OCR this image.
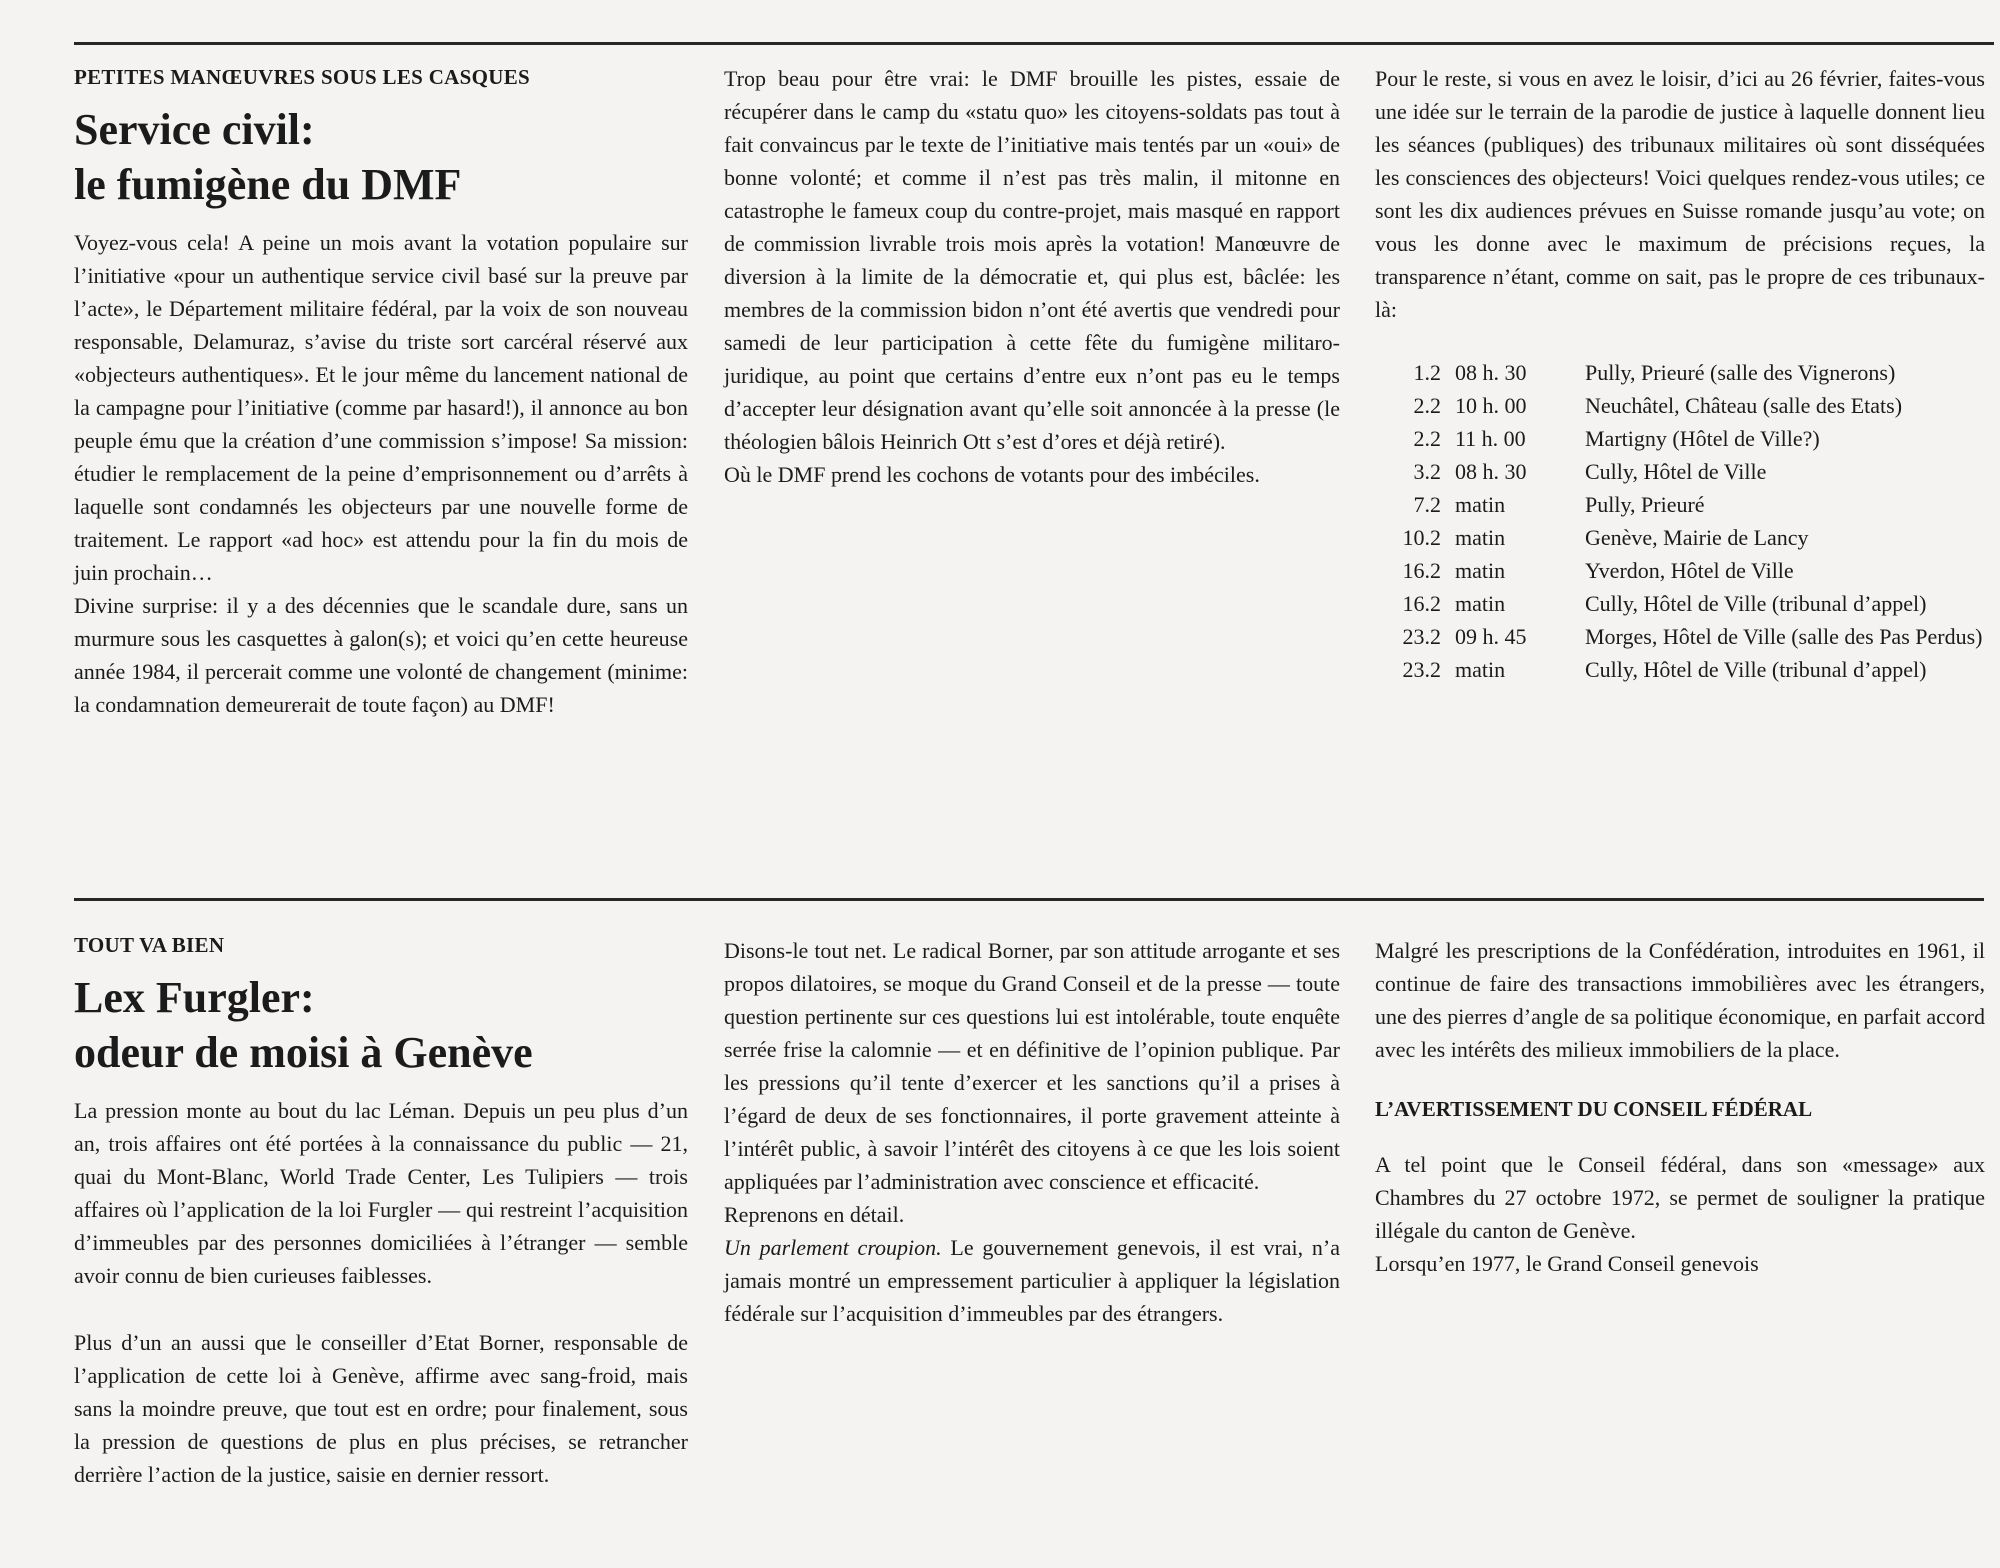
PETITES MANŒUVRES SOUS LES CASQUES
Service civil:
le fumigène du DMF

Voyez-vous cela! A peine un mois avant la votation populaire sur l’initiative «pour un authentique service civil basé sur la preuve par l’acte», le Département militaire fédéral, par la voix de son nouveau responsable, Delamuraz, s’avise du triste sort carcéral réservé aux «objecteurs authentiques». Et le jour même du lancement national de la campagne pour l’initiative (comme par hasard!), il annonce au bon peuple ému que la création d’une commission s’impose! Sa mission: étudier le remplacement de la peine d’emprisonnement ou d’arrêts à laquelle sont condamnés les objecteurs par une nouvelle forme de traitement. Le rapport «ad hoc» est attendu pour la fin du mois de juin prochain…

Divine surprise: il y a des décennies que le scandale dure, sans un murmure sous les casquettes à galon(s); et voici qu’en cette heureuse année 1984, il percerait comme une volonté de changement (minime: la condamnation demeurerait de toute façon) au DMF!

Trop beau pour être vrai: le DMF brouille les pistes, essaie de récupérer dans le camp du «statu quo» les citoyens-soldats pas tout à fait convaincus par le texte de l’initiative mais tentés par un «oui» de bonne volonté; et comme il n’est pas très malin, il mitonne en catastrophe le fameux coup du contre-projet, mais masqué en rapport de commission livrable trois mois après la votation! Manœuvre de diversion à la limite de la démocratie et, qui plus est, bâclée: les membres de la commission bidon n’ont été avertis que vendredi pour samedi de leur participation à cette fête du fumigène militaro-juridique, au point que certains d’entre eux n’ont pas eu le temps d’accepter leur désignation avant qu’elle soit annoncée à la presse (le théologien bâlois Heinrich Ott s’est d’ores et déjà retiré).

Où le DMF prend les cochons de votants pour des imbéciles.

Pour le reste, si vous en avez le loisir, d’ici au 26 février, faites-vous une idée sur le terrain de la parodie de justice à laquelle donnent lieu les séances (publiques) des tribunaux militaires où sont disséquées les consciences des objecteurs! Voici quelques rendez-vous utiles; ce sont les dix audiences prévues en Suisse romande jusqu’au vote; on vous les donne avec le maximum de précisions reçues, la transparence n’étant, comme on sait, pas le propre de ces tribunaux-là:

1.2 08 h. 30	Pully, Prieuré (salle des Vignerons)
2.2 10 h. 00	Neuchâtel, Château (salle des Etats)
2.2 11 h. 00	Martigny (Hôtel de Ville?)
3.2 08 h. 30	Cully, Hôtel de Ville
7.2 matin	Pully, Prieuré
10.2 matin	Genève, Mairie de Lancy
16.2 matin	Yverdon, Hôtel de Ville
16.2 matin	Cully, Hôtel de Ville (tribunal d’appel)
23.2 09 h. 45	Morges, Hôtel de Ville (salle des Pas Perdus)
23.2 matin	Cully, Hôtel de Ville (tribunal d’appel)
TOUT VA BIEN
Lex Furgler:
odeur de moisi à Genève

La pression monte au bout du lac Léman. Depuis un peu plus d’un an, trois affaires ont été portées à la connaissance du public — 21, quai du Mont-Blanc, World Trade Center, Les Tulipiers — trois affaires où l’application de la loi Furgler — qui restreint l’acquisition d’immeubles par des personnes domiciliées à l’étranger — semble avoir connu de bien curieuses faiblesses.

Plus d’un an aussi que le conseiller d’Etat Borner, responsable de l’application de cette loi à Genève, affirme avec sang-froid, mais sans la moindre preuve, que tout est en ordre; pour finalement, sous la pression de questions de plus en plus précises, se retrancher derrière l’action de la justice, saisie en dernier ressort.

Disons-le tout net. Le radical Borner, par son attitude arrogante et ses propos dilatoires, se moque du Grand Conseil et de la presse — toute question pertinente sur ces questions lui est intolérable, toute enquête serrée frise la calomnie — et en définitive de l’opinion publique. Par les pressions qu’il tente d’exercer et les sanctions qu’il a prises à l’égard de deux de ses fonctionnaires, il porte gravement atteinte à l’intérêt public, à savoir l’intérêt des citoyens à ce que les lois soient appliquées par l’administration avec conscience et efficacité.

Reprenons en détail.

Un parlement croupion. Le gouvernement genevois, il est vrai, n’a jamais montré un empressement particulier à appliquer la législation fédérale sur l’acquisition d’immeubles par des étrangers.

Malgré les prescriptions de la Confédération, introduites en 1961, il continue de faire des transactions immobilières avec les étrangers, une des pierres d’angle de sa politique économique, en parfait accord avec les intérêts des milieux immobiliers de la place.

L’AVERTISSEMENT DU CONSEIL FÉDÉRAL

A tel point que le Conseil fédéral, dans son «message» aux Chambres du 27 octobre 1972, se permet de souligner la pratique illégale du canton de Genève.

Lorsqu’en 1977, le Grand Conseil genevois
